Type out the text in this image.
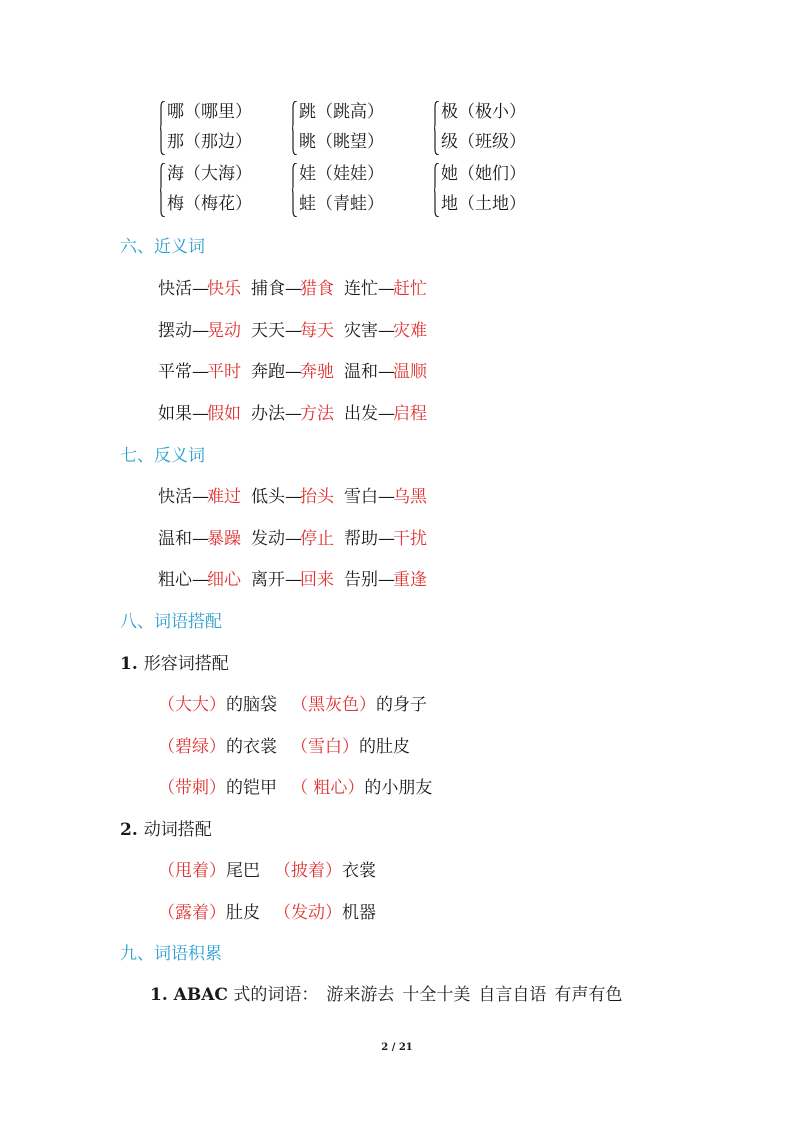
哪（哪里）
那（那边）
跳（跳高）
眺（眺望）
极（极小）
级（班级）
海（大海）
梅（梅花）
娃（娃娃）
蛙（青蛙）
她（她们）
地（土地）
六、近义词
快活—快乐 捕食—猎食 连忙—赶忙
摆动—晃动 天天—每天 灾害—灾难
平常—平时 奔跑—奔驰 温和—温顺
如果—假如 办法—方法 出发—启程
七、反义词
快活—难过 低头—抬头 雪白—乌黑
温和—暴躁 发动—停止 帮助—干扰
粗心—细心 离开—回来 告别—重逢
八、词语搭配
1. 形容词搭配
（大大）的脑袋 （黑灰色）的身子
（碧绿）的衣裳 （雪白）的肚皮
（带刺）的铠甲 （ 粗心）的小朋友
2. 动词搭配
（甩着）尾巴 （披着）衣裳
（露着）肚皮 （发动）机器
九、词语积累
1. ABAC 式的词语： 游来游去 十全十美 自言自语 有声有色
2 / 21
